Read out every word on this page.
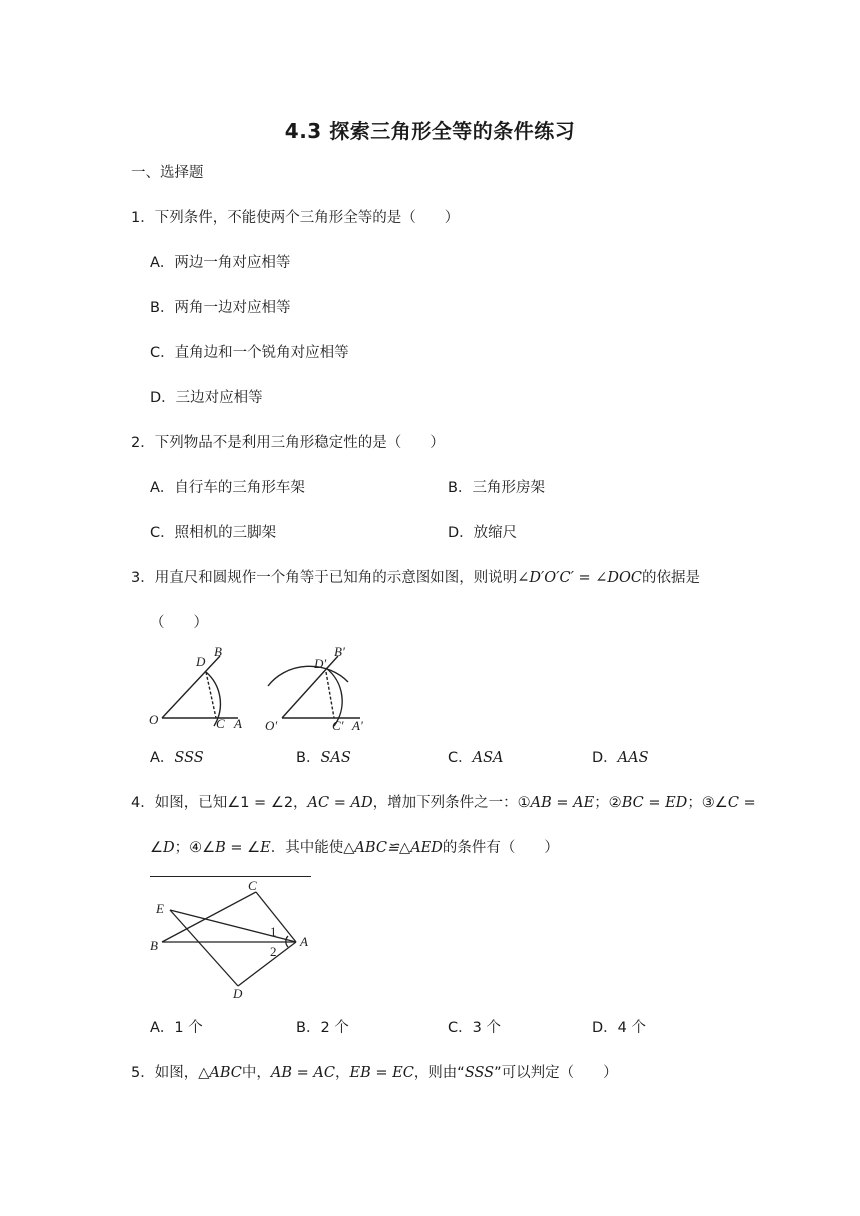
4.3 探索三角形全等的条件练习
一、选择题
1．下列条件，不能使两个三角形全等的是（　　）
A．两边一角对应相等
B．两角一边对应相等
C．直角边和一个锐角对应相等
D．三边对应相等
2．下列物品不是利用三角形稳定性的是（　　）
A．自行车的三角形车架	B．三角形房架
C．照相机的三脚架	D．放缩尺
3．用直尺和圆规作一个角等于已知角的示意图如图，则说明∠D′O′C′ = ∠DOC的依据是
（　　）
D
B
O	C A
D′
B′
O′	C′ A′
A．SSS	B．SAS	C．ASA	D．AAS
4．如图，已知∠1 = ∠2，AC = AD，增加下列条件之一：①AB = AE；②BC = ED；③∠C =
∠D；④∠B = ∠E．其中能使△ABC≌△AED的条件有（　　）
C
E
B	A
1
2
D
A．1 个	B．2 个	C．3 个	D．4 个
5．如图，△ABC中，AB = AC，EB = EC，则由“SSS”可以判定（　　）
